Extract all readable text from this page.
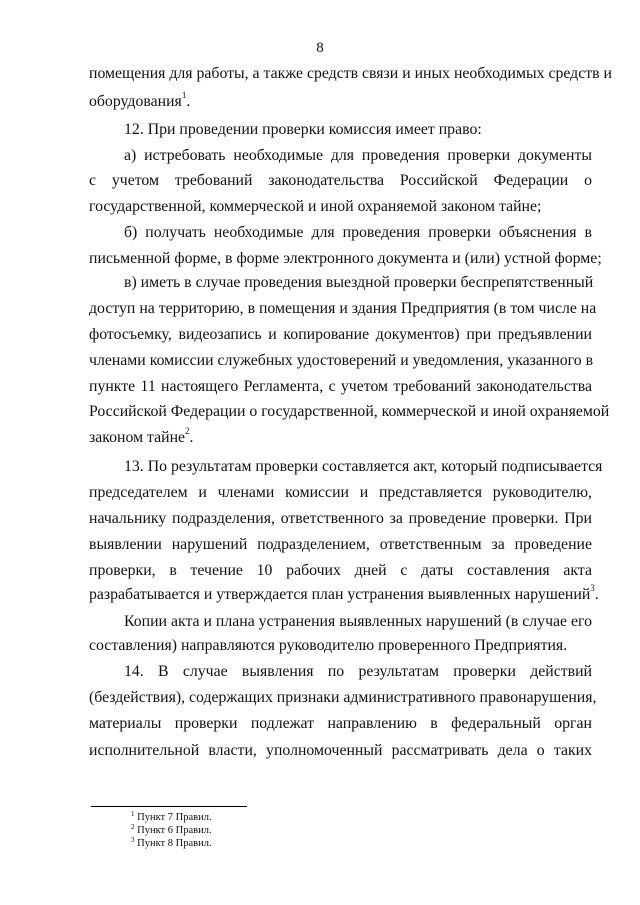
8
помещения для работы, а также средств связи и иных необходимых средств и
оборудования$^1$.
12. При проведении проверки комиссия имеет право:
а) истребовать необходимые для проведения проверки документы
с учетом требований законодательства Российской Федерации о
государственной, коммерческой и иной охраняемой законом тайне;
б) получать необходимые для проведения проверки объяснения в
письменной форме, в форме электронного документа и (или) устной форме;
в) иметь в случае проведения выездной проверки беспрепятственный
доступ на территорию, в помещения и здания Предприятия (в том числе на
фотосъемку, видеозапись и копирование документов) при предъявлении
членами комиссии служебных удостоверений и уведомления, указанного в
пункте 11 настоящего Регламента, с учетом требований законодательства
Российской Федерации о государственной, коммерческой и иной охраняемой
законом тайне$^2$.
13. По результатам проверки составляется акт, который подписывается
председателем и членами комиссии и представляется руководителю,
начальнику подразделения, ответственного за проведение проверки. При
выявлении нарушений подразделением, ответственным за проведение
проверки, в течение 10 рабочих дней с даты составления акта
разрабатывается и утверждается план устранения выявленных нарушений$^3$.
Копии акта и плана устранения выявленных нарушений (в случае его
составления) направляются руководителю проверенного Предприятия.
14. В случае выявления по результатам проверки действий
(бездействия), содержащих признаки административного правонарушения,
материалы проверки подлежат направлению в федеральный орган
исполнительной власти, уполномоченный рассматривать дела о таких
$^1$ Пункт 7 Правил.
$^2$ Пункт 6 Правил.
$^3$ Пункт 8 Правил.
